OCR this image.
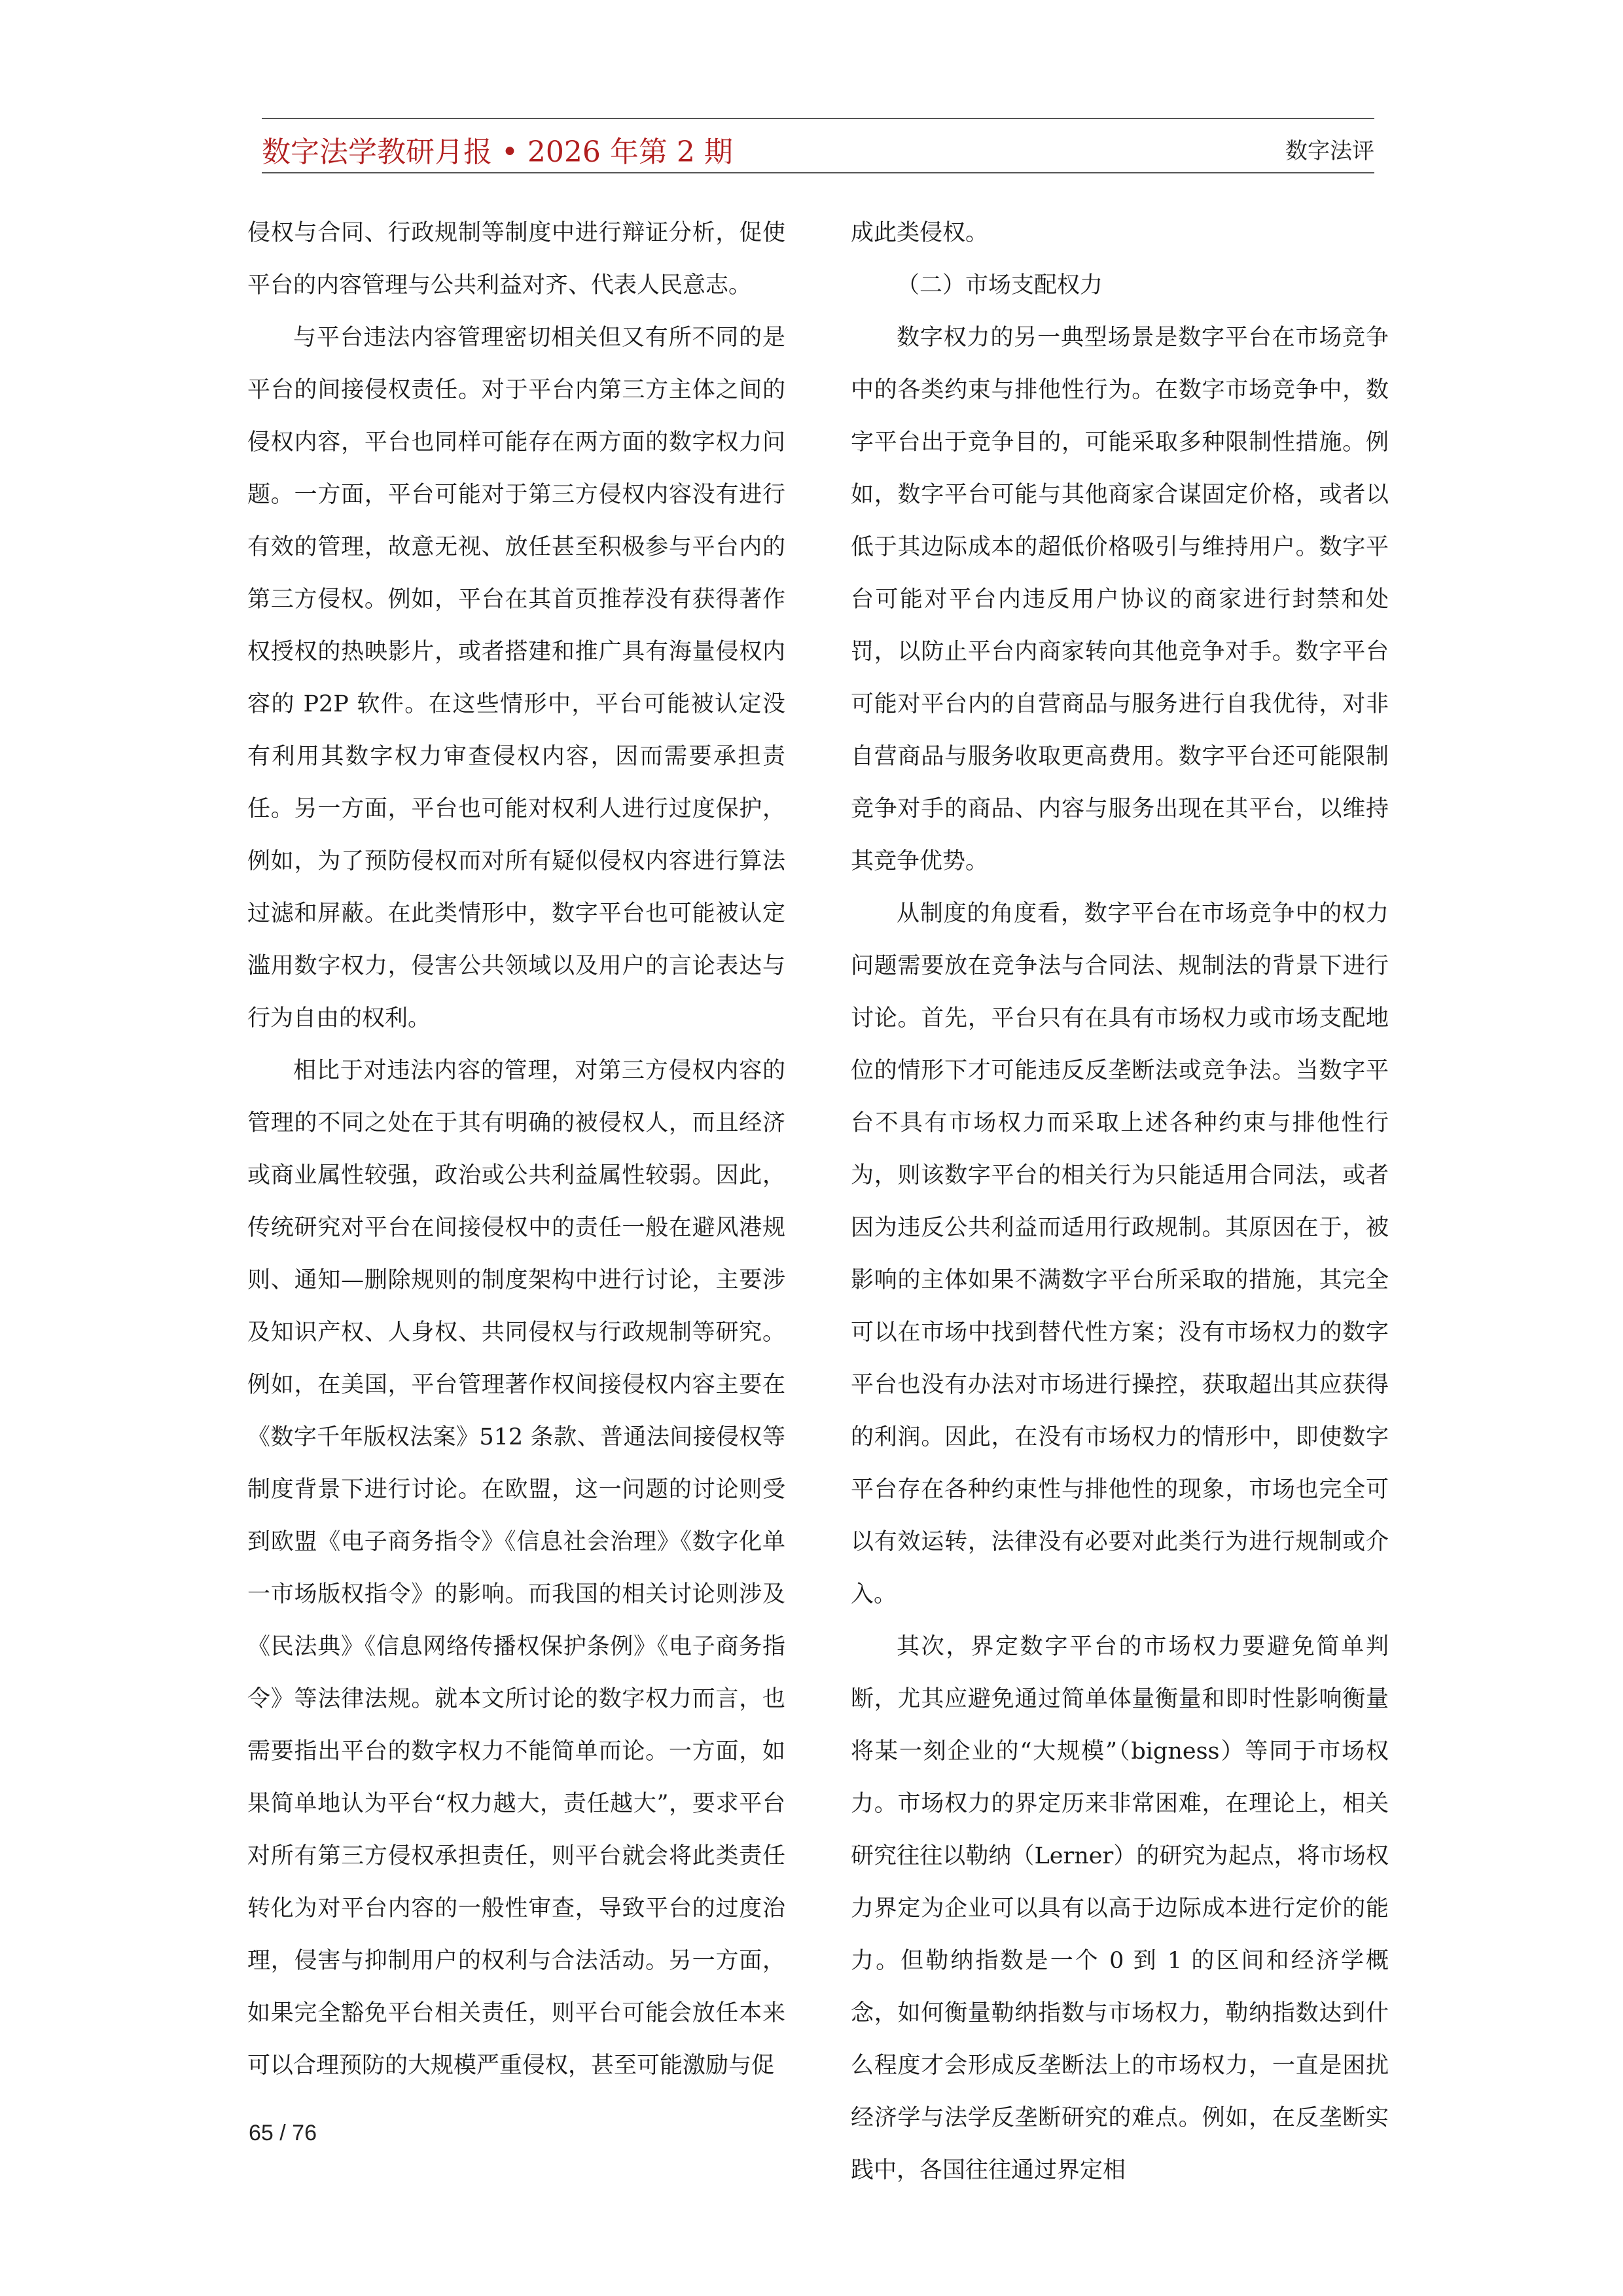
数字法学教研月报 • 2026 年第 2 期	数字法评

侵权与合同、行政规制等制度中进行辩证分析，促使平台的内容管理与公共利益对齐、代表人民意志。

与平台违法内容管理密切相关但又有所不同的是平台的间接侵权责任。对于平台内第三方主体之间的侵权内容，平台也同样可能存在两方面的数字权力问题。一方面，平台可能对于第三方侵权内容没有进行有效的管理，故意无视、放任甚至积极参与平台内的第三方侵权。例如，平台在其首页推荐没有获得著作权授权的热映影片，或者搭建和推广具有海量侵权内容的 P2P 软件。在这些情形中，平台可能被认定没有利用其数字权力审查侵权内容，因而需要承担责任。另一方面，平台也可能对权利人进行过度保护，例如，为了预防侵权而对所有疑似侵权内容进行算法过滤和屏蔽。在此类情形中，数字平台也可能被认定滥用数字权力，侵害公共领域以及用户的言论表达与行为自由的权利。

相比于对违法内容的管理，对第三方侵权内容的管理的不同之处在于其有明确的被侵权人，而且经济或商业属性较强，政治或公共利益属性较弱。因此，传统研究对平台在间接侵权中的责任一般在避风港规则、通知—删除规则的制度架构中进行讨论，主要涉及知识产权、人身权、共同侵权与行政规制等研究。例如，在美国，平台管理著作权间接侵权内容主要在《数字千年版权法案》512 条款、普通法间接侵权等制度背景下进行讨论。在欧盟，这一问题的讨论则受到欧盟《电子商务指令》《信息社会治理》《数字化单一市场版权指令》的影响。而我国的相关讨论则涉及《民法典》《信息网络传播权保护条例》《电子商务指令》等法律法规。就本文所讨论的数字权力而言，也需要指出平台的数字权力不能简单而论。一方面，如果简单地认为平台“权力越大，责任越大”，要求平台对所有第三方侵权承担责任，则平台就会将此类责任转化为对平台内容的一般性审查，导致平台的过度治理，侵害与抑制用户的权利与合法活动。另一方面，如果完全豁免平台相关责任，则平台可能会放任本来可以合理预防的大规模严重侵权，甚至可能激励与促

成此类侵权。

（二）市场支配权力

数字权力的另一典型场景是数字平台在市场竞争中的各类约束与排他性行为。在数字市场竞争中，数字平台出于竞争目的，可能采取多种限制性措施。例如，数字平台可能与其他商家合谋固定价格，或者以低于其边际成本的超低价格吸引与维持用户。数字平台可能对平台内违反用户协议的商家进行封禁和处罚，以防止平台内商家转向其他竞争对手。数字平台可能对平台内的自营商品与服务进行自我优待，对非自营商品与服务收取更高费用。数字平台还可能限制竞争对手的商品、内容与服务出现在其平台，以维持其竞争优势。

从制度的角度看，数字平台在市场竞争中的权力问题需要放在竞争法与合同法、规制法的背景下进行讨论。首先，平台只有在具有市场权力或市场支配地位的情形下才可能违反反垄断法或竞争法。当数字平台不具有市场权力而采取上述各种约束与排他性行为，则该数字平台的相关行为只能适用合同法，或者因为违反公共利益而适用行政规制。其原因在于，被影响的主体如果不满数字平台所采取的措施，其完全可以在市场中找到替代性方案；没有市场权力的数字平台也没有办法对市场进行操控，获取超出其应获得的利润。因此，在没有市场权力的情形中，即使数字平台存在各种约束性与排他性的现象，市场也完全可以有效运转，法律没有必要对此类行为进行规制或介入。

其次，界定数字平台的市场权力要避免简单判断，尤其应避免通过简单体量衡量和即时性影响衡量将某一刻企业的“大规模”（bigness）等同于市场权力。市场权力的界定历来非常困难，在理论上，相关研究往往以勒纳（Lerner）的研究为起点，将市场权力界定为企业可以具有以高于边际成本进行定价的能力。但勒纳指数是一个 0 到 1 的区间和经济学概念，如何衡量勒纳指数与市场权力，勒纳指数达到什么程度才会形成反垄断法上的市场权力，一直是困扰经济学与法学反垄断研究的难点。例如，在反垄断实践中，各国往往通过界定相

65 / 76
